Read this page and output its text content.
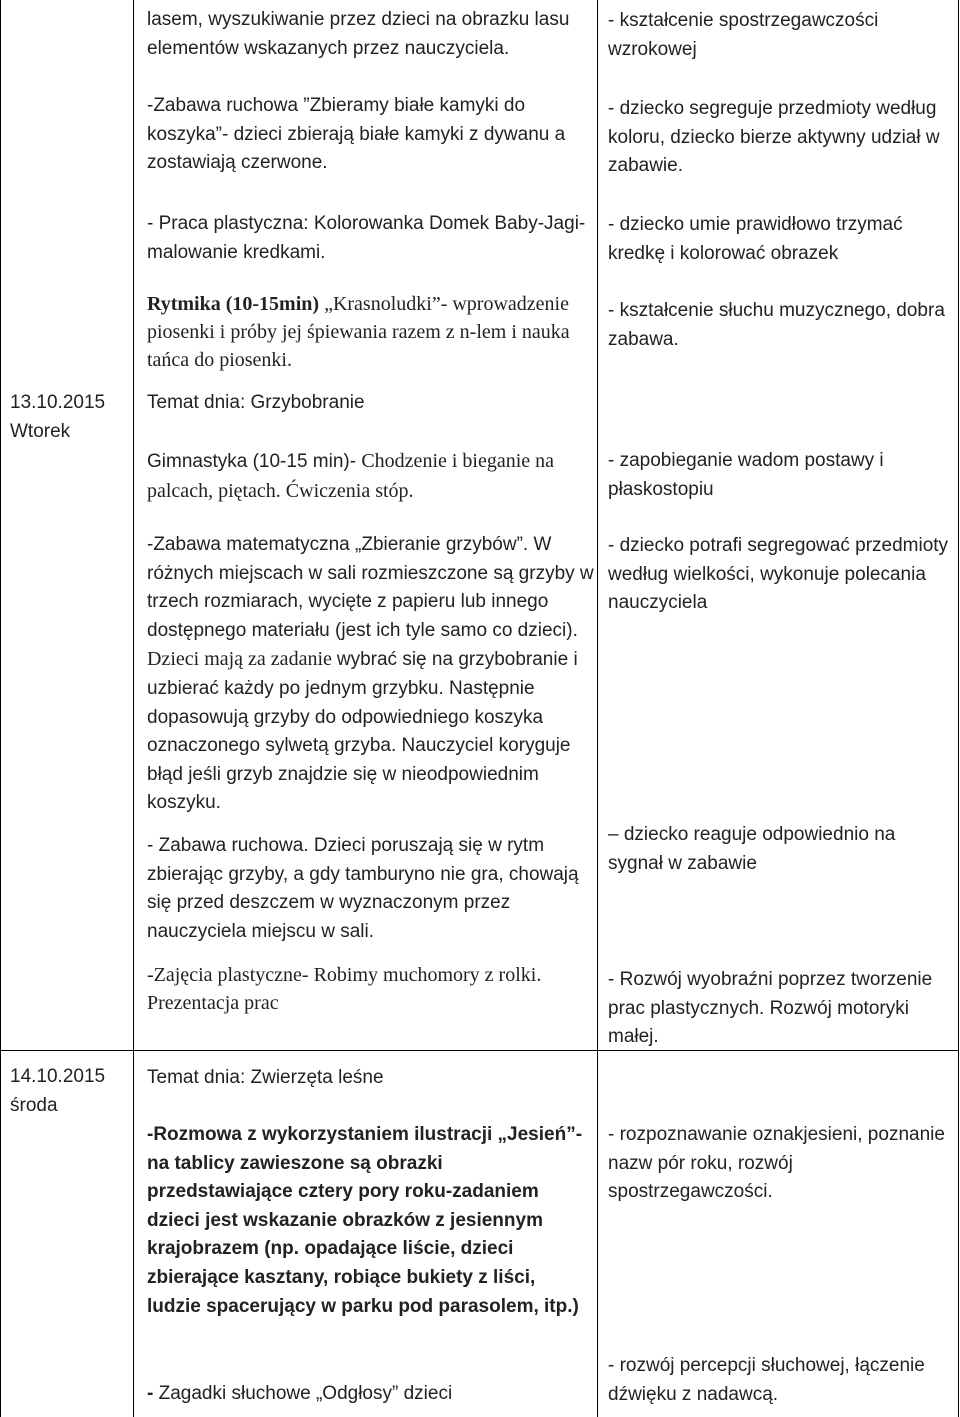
13.10.2015
Wtorek
14.10.2015
środa

lasem, wyszukiwanie przez dzieci na obrazku lasu elementów wskazanych przez nauczyciela.

-Zabawa ruchowa ”Zbieramy białe kamyki do koszyka”- dzieci zbierają białe kamyki z dywanu a zostawiają czerwone.

- Praca plastyczna: Kolorowanka Domek Baby-Jagi- malowanie kredkami.

Rytmika (10-15min) „Krasnoludki”- wprowadzenie piosenki i próby jej śpiewania razem z n-lem i nauka tańca do piosenki.
Temat dnia: Grzybobranie
Gimnastyka (10-15 min)- Chodzenie i bieganie na palcach, piętach. Ćwiczenia stóp.
-Zabawa matematyczna „Zbieranie grzybów”. W różnych miejscach w sali rozmieszczone są grzyby w trzech rozmiarach, wycięte z papieru lub innego dostępnego materiału (jest ich tyle samo co dzieci). Dzieci mają za zadanie wybrać się na grzybobranie i uzbierać każdy po jednym grzybku. Następnie dopasowują grzyby do odpowiedniego koszyka oznaczonego sylwetą grzyba. Nauczyciel koryguje błąd jeśli grzyb znajdzie się w nieodpowiednim koszyku.

- Zabawa ruchowa. Dzieci poruszają się w rytm zbierając grzyby, a gdy tamburyno nie gra, chowają się przed deszczem w wyznaczonym przez nauczyciela miejscu w sali.

-Zajęcia plastyczne- Robimy muchomory z rolki. Prezentacja prac

Temat dnia: Zwierzęta leśne

-Rozmowa z wykorzystaniem ilustracji „Jesień”- na tablicy zawieszone są obrazki przedstawiające cztery pory roku-zadaniem dzieci jest wskazanie obrazków z jesiennym krajobrazem (np. opadające liście, dzieci zbierające kasztany, robiące bukiety z liści, ludzie spacerujący w parku pod parasolem, itp.)

- Zagadki słuchowe „Odgłosy” dzieci

- kształcenie spostrzegawczości wzrokowej

- dziecko segreguje przedmioty według koloru, dziecko bierze aktywny udział w zabawie.

- dziecko umie prawidłowo trzymać kredkę i kolorować obrazek

- kształcenie słuchu muzycznego, dobra zabawa.

- zapobieganie wadom postawy i płaskostopiu

- dziecko potrafi segregować przedmioty według wielkości, wykonuje polecania nauczyciela

– dziecko reaguje odpowiednio na sygnał w zabawie

- Rozwój wyobraźni poprzez tworzenie prac plastycznych. Rozwój motoryki małej.

- rozpoznawanie oznakjesieni, poznanie nazw pór roku, rozwój spostrzegawczości.

- rozwój percepcji słuchowej, łączenie dźwięku z nadawcą.
